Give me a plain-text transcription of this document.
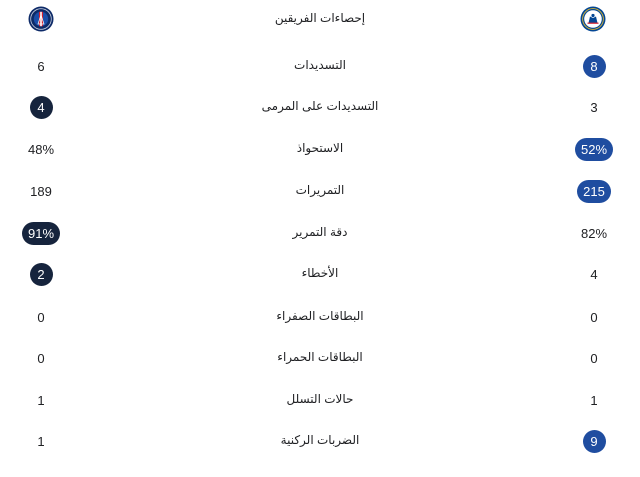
إحصاءات الفريقين
6	التسديدات	8
4	التسديدات على المرمى	3
48%	الاستحواذ	52%
189	التمريرات	215
91%	دقة التمرير	82%
2	الأخطاء	4
0	البطاقات الصفراء	0
0	البطاقات الحمراء	0
1	حالات التسلل	1
1	الضربات الركنية	9
